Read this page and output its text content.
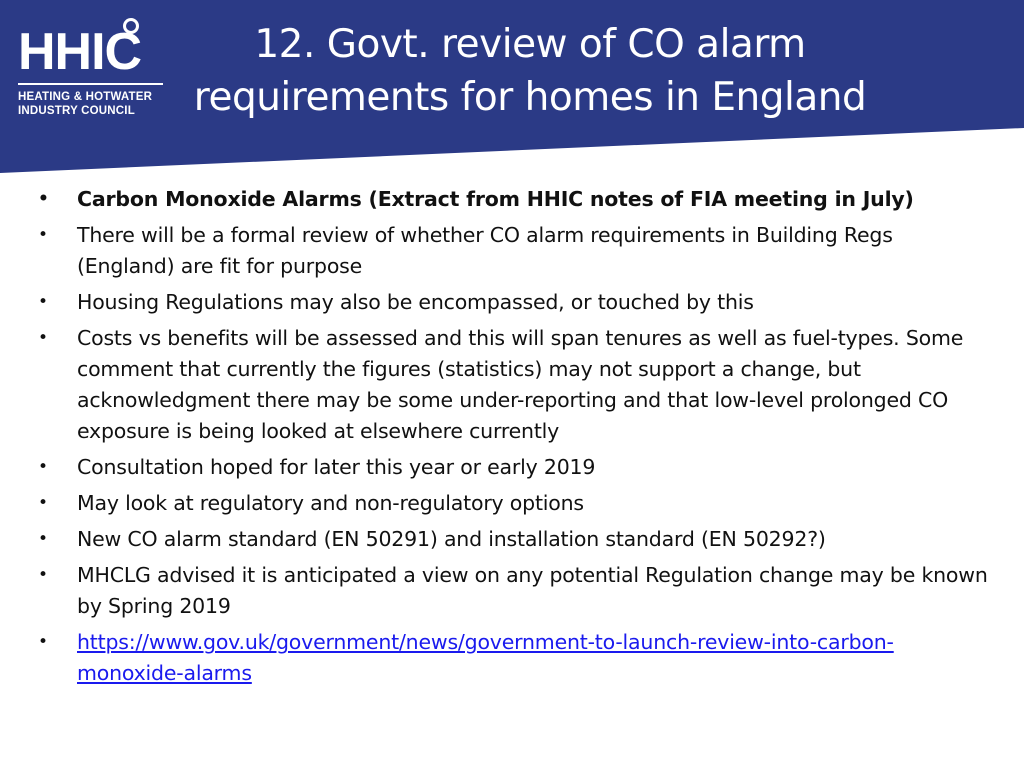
HHIC
HEATING & HOTWATER
INDUSTRY COUNCIL
12. Govt. review of CO alarm
requirements for homes in England
• Carbon Monoxide Alarms (Extract from HHIC notes of FIA meeting in July)
• There will be a formal review of whether CO alarm requirements in Building Regs (England) are fit for purpose
• Housing Regulations may also be encompassed, or touched by this
• Costs vs benefits will be assessed and this will span tenures as well as fuel-types. Some comment that currently the figures (statistics) may not support a change, but acknowledgment there may be some under-reporting and that low-level prolonged CO exposure is being looked at elsewhere currently
• Consultation hoped for later this year or early 2019
• May look at regulatory and non-regulatory options
• New CO alarm standard (EN 50291) and installation standard (EN 50292?)
• MHCLG advised it is anticipated a view on any potential Regulation change may be known by Spring 2019
• https://www.gov.uk/government/news/government-to-launch-review-into-carbon-monoxide-alarms
